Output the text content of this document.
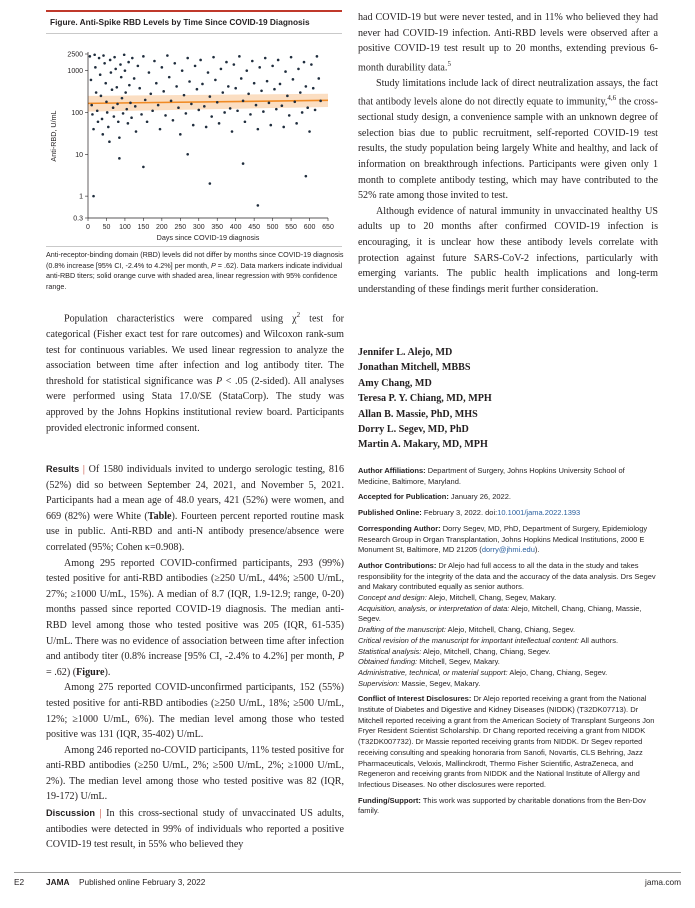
Figure. Anti-Spike RBD Levels by Time Since COVID-19 Diagnosis
0.3
1
10
100
1000
2500
0 50 100 150 200 250 300 350 400 450 500 550 600 650
Days since COVID-19 diagnosis
Anti-RBD, U/mL
Anti-receptor-binding domain (RBD) levels did not differ by months since COVID-19 diagnosis (0.8% increase [95% CI, -2.4% to 4.2%] per month, P = .62). Data markers indicate individual anti-RBD titers; solid orange curve with shaded area, linear regression with 95% confidence range.

Population characteristics were compared using $\chi^2$ test for categorical (Fisher exact test for rare outcomes) and Wilcoxon rank-sum test for continuous variables. We used linear regression to analyze the association between time after infection and log antibody titer. The threshold for statistical significance was P < .05 (2-sided). All analyses were performed using Stata 17.0/SE (StataCorp). The study was approved by the Johns Hopkins institutional review board. Participants provided electronic informed consent.

Results | Of 1580 individuals invited to undergo serologic testing, 816 (52%) did so between September 24, 2021, and November 5, 2021. Participants had a mean age of 48.0 years, 421 (52%) were women, and 669 (82%) were White (Table). Fourteen percent reported routine mask use in public. Anti-RBD and anti-N antibody presence/absence were correlated (95%; Cohen κ=0.908).

Among 295 reported COVID-confirmed participants, 293 (99%) tested positive for anti-RBD antibodies (≥250 U/mL, 44%; ≥500 U/mL, 27%; ≥1000 U/mL, 15%). A median of 8.7 (IQR, 1.9-12.9; range, 0-20) months passed since reported COVID-19 diagnosis. The median anti-RBD level among those who tested positive was 205 (IQR, 61-535) U/mL. There was no evidence of association between time after infection and antibody titer (0.8% increase [95% CI, -2.4% to 4.2%] per month, P = .62) (Figure).

Among 275 reported COVID-unconfirmed participants, 152 (55%) tested positive for anti-RBD antibodies (≥250 U/mL, 18%; ≥500 U/mL, 12%; ≥1000 U/mL, 6%). The median level among those who tested positive was 131 (IQR, 35-402) U/mL.

Among 246 reported no-COVID participants, 11% tested positive for anti-RBD antibodies (≥250 U/mL, 2%; ≥500 U/mL, 2%; ≥1000 U/mL, 2%). The median level among those who tested positive was 82 (IQR, 19-172) U/mL.

Discussion | In this cross-sectional study of unvaccinated US adults, antibodies were detected in 99% of individuals who reported a positive COVID-19 test result, in 55% who believed they

had COVID-19 but were never tested, and in 11% who believed they had never had COVID-19 infection. Anti-RBD levels were observed after a positive COVID-19 test result up to 20 months, extending previous 6-month durability data.$^5$

Study limitations include lack of direct neutralization assays, the fact that antibody levels alone do not directly equate to immunity,$^{4,6}$ the cross-sectional study design, a convenience sample with an unknown degree of selection bias due to public recruitment, self-reported COVID-19 test results, the study population being largely White and healthy, and lack of information on breakthrough infections. Participants were given only 1 month to complete antibody testing, which may have contributed to the 52% rate among those invited to test.

Although evidence of natural immunity in unvaccinated healthy US adults up to 20 months after confirmed COVID-19 infection is encouraging, it is unclear how these antibody levels correlate with protection against future SARS-CoV-2 infections, particularly with emerging variants. The public health implications and long-term understanding of these findings merit further consideration.

Jennifer L. Alejo, MD
Jonathan Mitchell, MBBS
Amy Chang, MD
Teresa P. Y. Chiang, MD, MPH
Allan B. Massie, PhD, MHS
Dorry L. Segev, MD, PhD
Martin A. Makary, MD, MPH
Author Affiliations: Department of Surgery, Johns Hopkins University School of Medicine, Baltimore, Maryland.
Accepted for Publication: January 26, 2022.
Published Online: February 3, 2022. doi:10.1001/jama.2022.1393
Corresponding Author: Dorry Segev, MD, PhD, Department of Surgery, Epidemiology Research Group in Organ Transplantation, Johns Hopkins Medical Institutions, 2000 E Monument St, Baltimore, MD 21205 (dorry@jhmi.edu).
Author Contributions: Dr Alejo had full access to all the data in the study and takes responsibility for the integrity of the data and the accuracy of the data analysis. Drs Segev and Makary contributed equally as senior authors.
Concept and design: Alejo, Mitchell, Chang, Segev, Makary.
Acquisition, analysis, or interpretation of data: Alejo, Mitchell, Chang, Chiang, Massie, Segev.
Drafting of the manuscript: Alejo, Mitchell, Chang, Chiang, Segev.
Critical revision of the manuscript for important intellectual content: All authors.
Statistical analysis: Alejo, Mitchell, Chang, Chiang, Segev.
Obtained funding: Mitchell, Segev, Makary.
Administrative, technical, or material support: Alejo, Chang, Chiang, Segev.
Supervision: Massie, Segev, Makary.
Conflict of Interest Disclosures: Dr Alejo reported receiving a grant from the National Institute of Diabetes and Digestive and Kidney Diseases (NIDDK) (T32DK07713). Dr Mitchell reported receiving a grant from the American Society of Transplant Surgeons Jon Fryer Resident Scientist Scholarship. Dr Chang reported receiving a grant from NIDDK (T32DK007732). Dr Massie reported receiving grants from NIDDK. Dr Segev reported receiving consulting and speaking honoraria from Sanofi, Novartis, CLS Behring, Jazz Pharmaceuticals, Veloxis, Mallinckrodt, Thermo Fisher Scientific, AstraZeneca, and Regeneron and receiving grants from NIDDK and the National Institute of Allergy and Infectious Diseases. No other disclosures were reported.
Funding/Support: This work was supported by charitable donations from the Ben-Dov family.
E2	JAMA Published online February 3, 2022	jama.com
